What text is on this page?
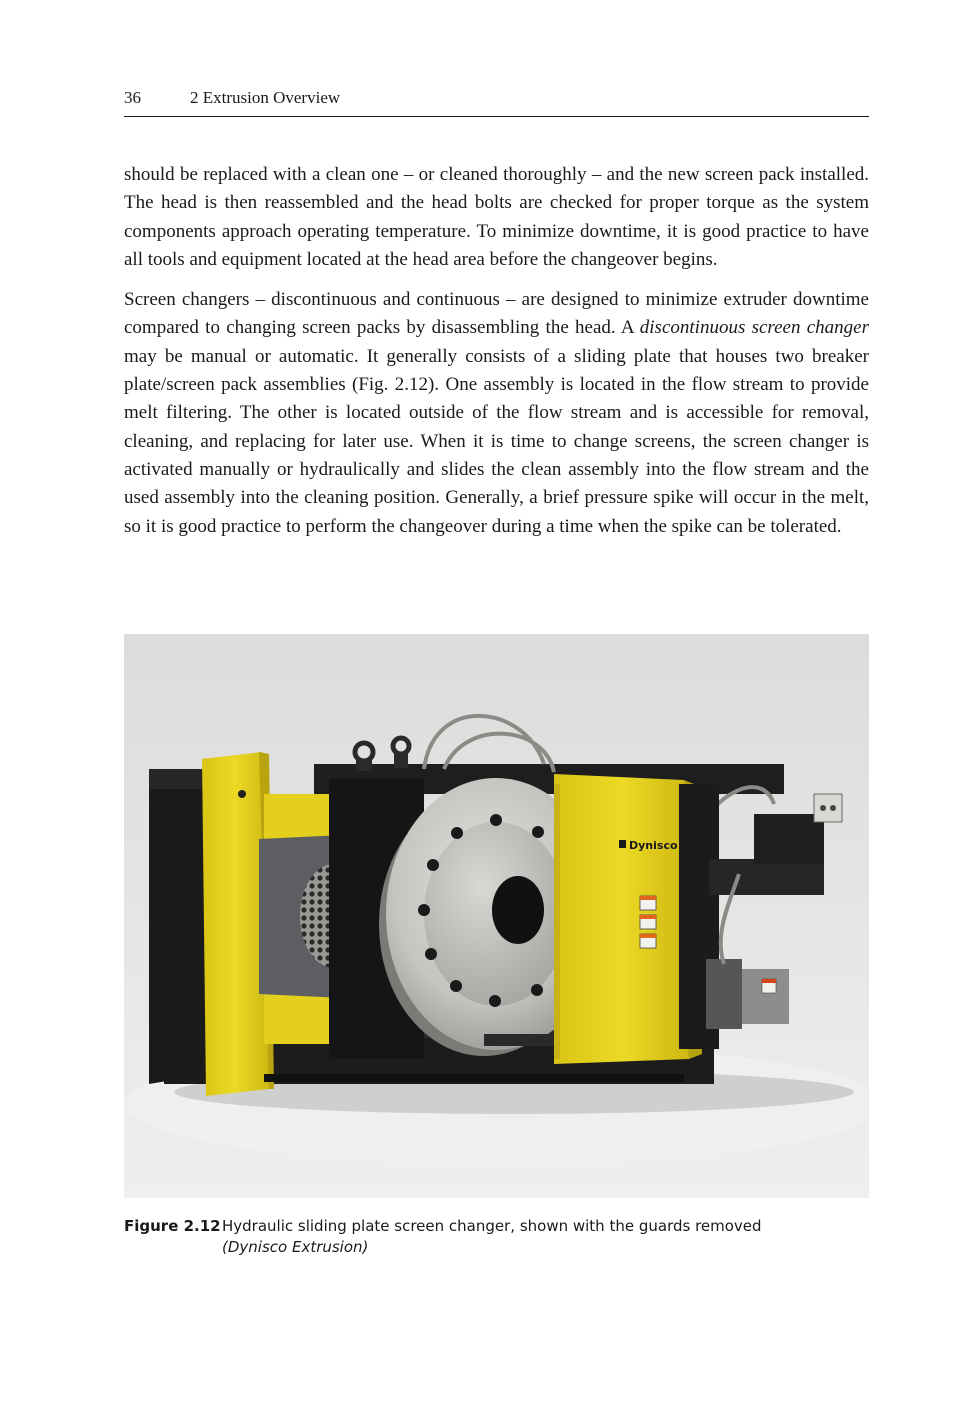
36	2 Extrusion Overview

should be replaced with a clean one – or cleaned thoroughly – and the new screen pack installed. The head is then reassembled and the head bolts are checked for proper torque as the system components approach operating temperature. To minimize downtime, it is good practice to have all tools and equipment located at the head area before the changeover begins.

Screen changers – discontinuous and continuous – are designed to minimize extruder downtime compared to changing screen packs by disassembling the head. A discontinuous screen changer may be manual or automatic. It generally consists of a sliding plate that houses two breaker plate/screen pack assemblies (Fig. 2.12). One assembly is located in the flow stream to provide melt filtering. The other is located outside of the flow stream and is accessible for removal, cleaning, and replacing for later use. When it is time to change screens, the screen changer is activated manually or hydraulically and slides the clean assembly into the flow stream and the used assembly into the cleaning position. Generally, a brief pressure spike will occur in the melt, so it is good practice to perform the changeover during a time when the spike can be tolerated.

Dynisco
Figure 2.12 Hydraulic sliding plate screen changer, shown with the guards removed
(Dynisco Extrusion)
